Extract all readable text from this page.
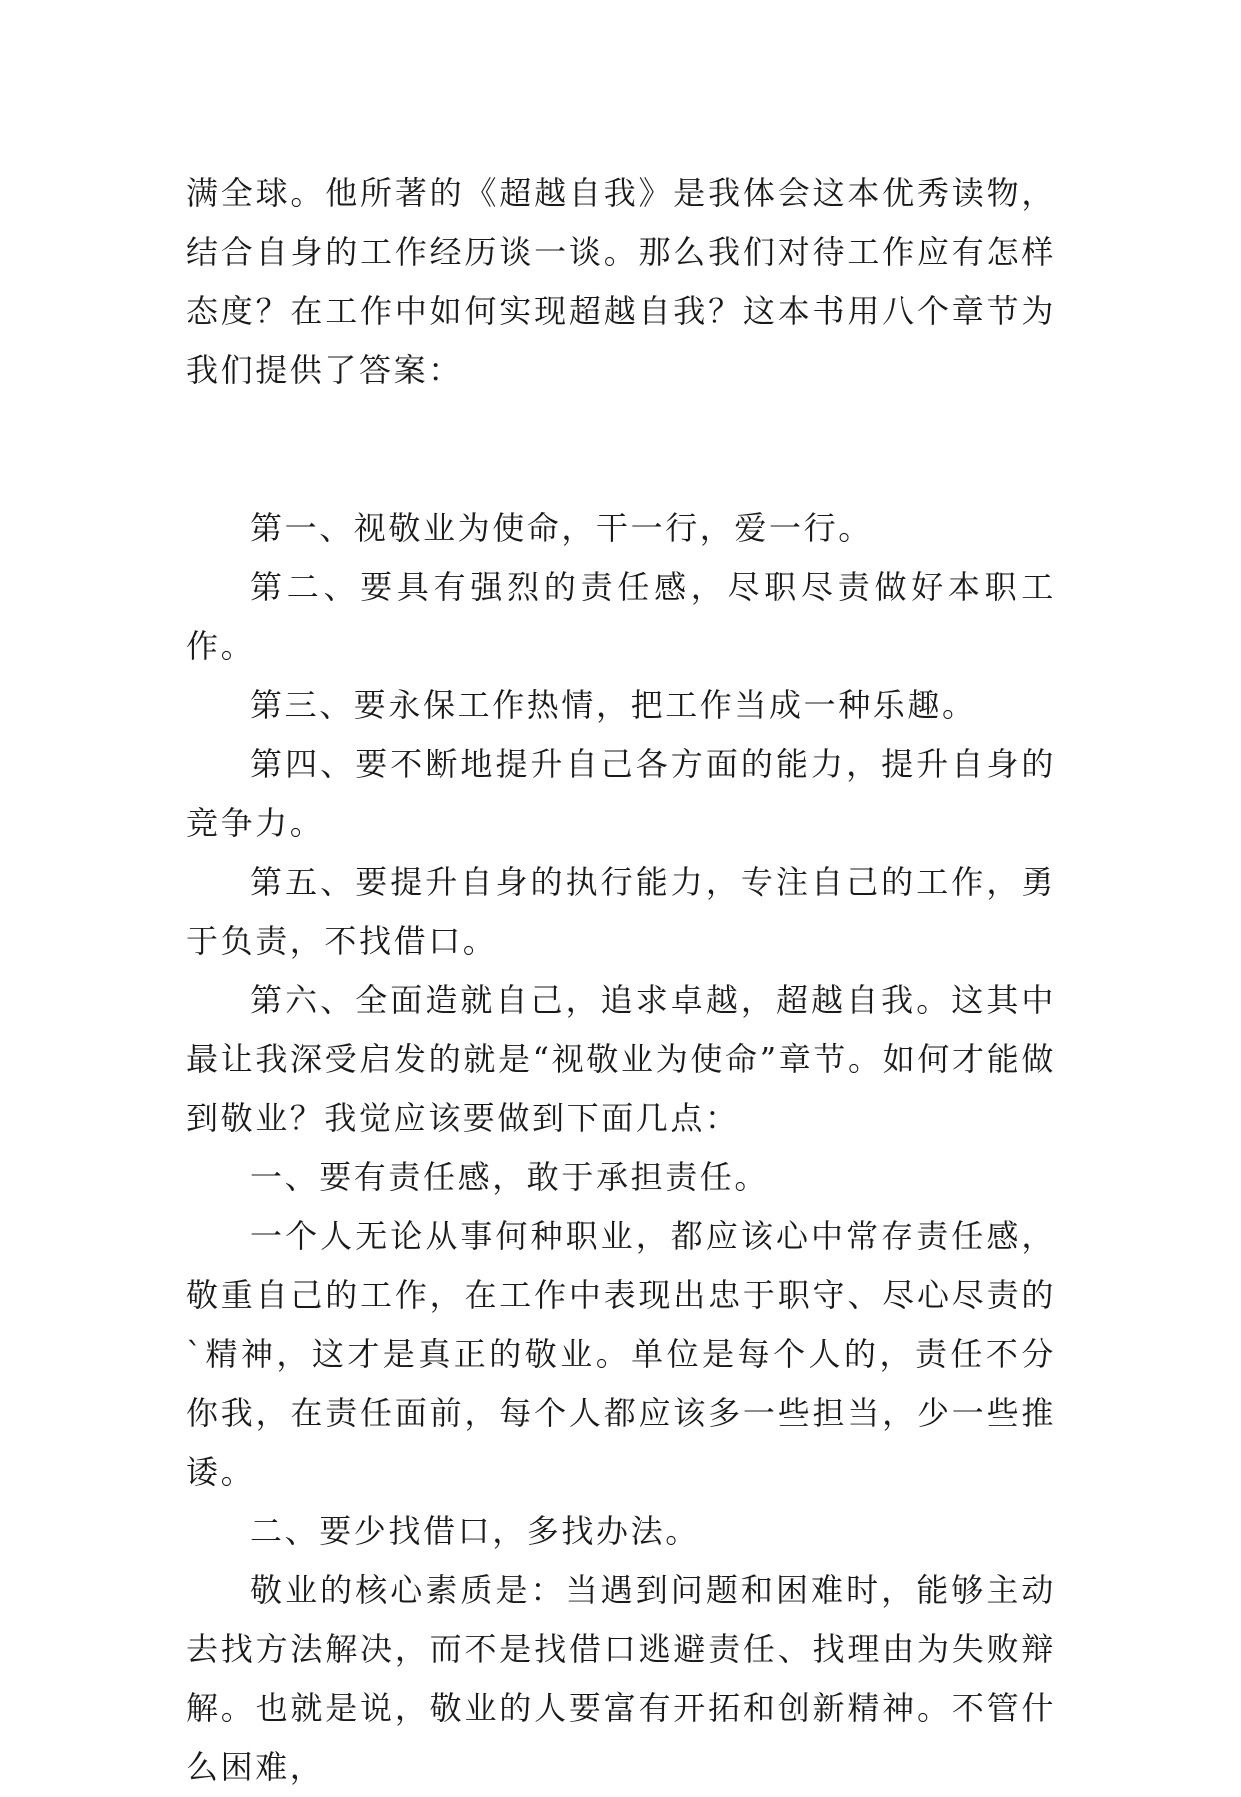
满全球。他所著的《超越自我》是我体会这本优秀读物，结合自身的工作经历谈一谈。那么我们对待工作应有怎样态度？在工作中如何实现超越自我？这本书用八个章节为我们提供了答案：

第一、视敬业为使命，干一行，爱一行。

第二、要具有强烈的责任感，尽职尽责做好本职工作。

第三、要永保工作热情，把工作当成一种乐趣。

第四、要不断地提升自己各方面的能力，提升自身的竞争力。

第五、要提升自身的执行能力，专注自己的工作，勇于负责，不找借口。

第六、全面造就自己，追求卓越，超越自我。这其中最让我深受启发的就是“视敬业为使命”章节。如何才能做到敬业？我觉应该要做到下面几点：

一、要有责任感，敢于承担责任。

一个人无论从事何种职业，都应该心中常存责任感，敬重自己的工作，在工作中表现出忠于职守、尽心尽责的`精神，这才是真正的敬业。单位是每个人的，责任不分你我，在责任面前，每个人都应该多一些担当，少一些推诿。

二、要少找借口，多找办法。

敬业的核心素质是：当遇到问题和困难时，能够主动去找方法解决，而不是找借口逃避责任、找理由为失败辩解。也就是说，敬业的人要富有开拓和创新精神。不管什么困难，
